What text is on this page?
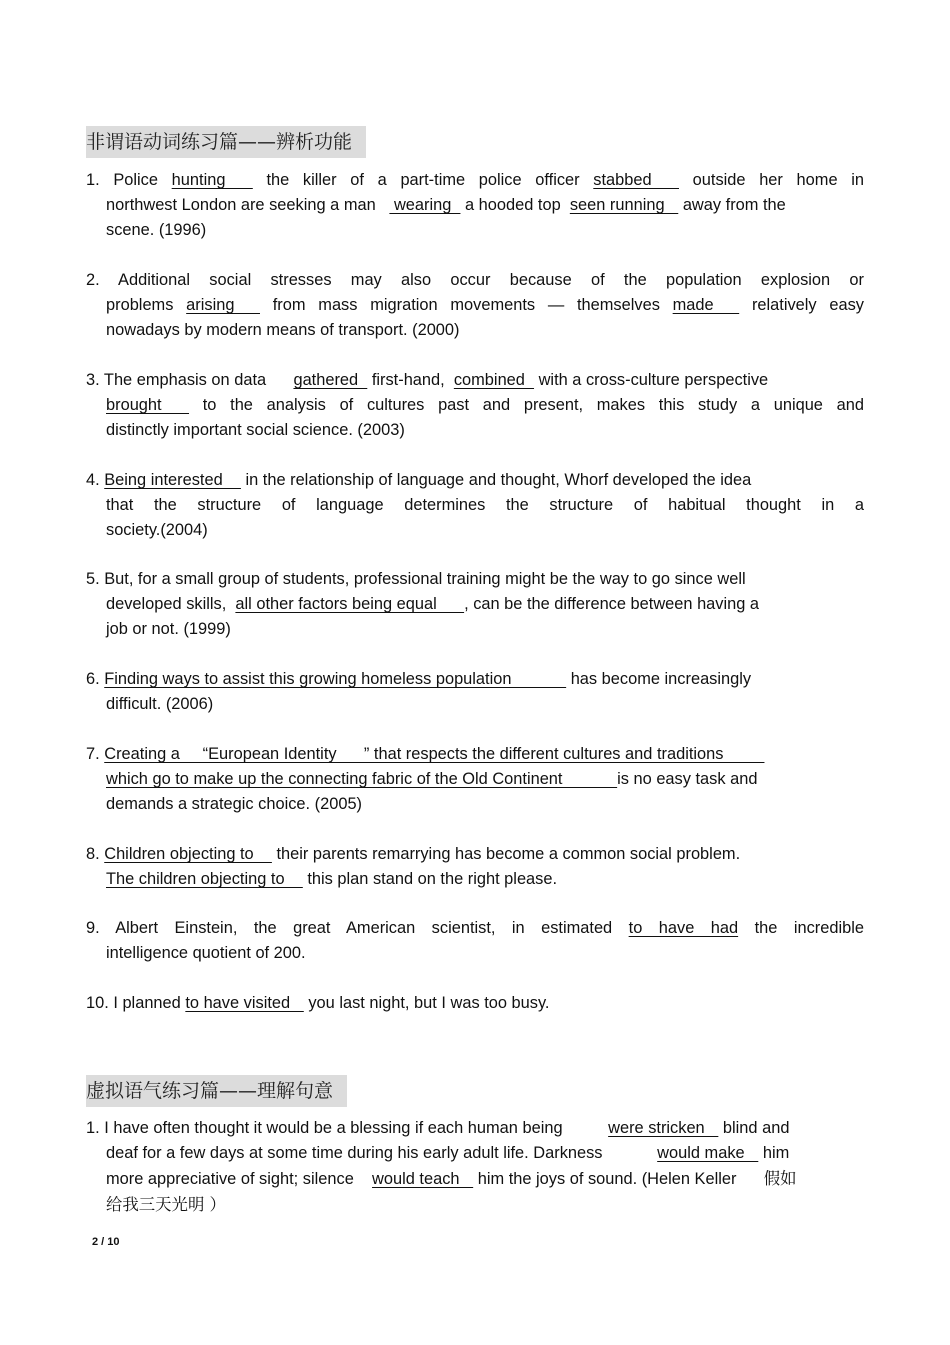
非谓语动词练习篇——辨析功能
1. Police hunting   the killer of a part-time police officer stabbed   outside her home in
northwest London are seeking a man    wearing   a hooded top  seen running    away from the
scene. (1996)
2. Additional social stresses may also occur because of the population explosion or
problems arising   from mass migration movements — themselves made   relatively easy
nowadays by modern means of transport. (2000)
3. The emphasis on data gathered   first-hand,  combined   with a cross-culture perspective
brought   to the analysis of cultures past and present, makes this study a unique and
distinctly important social science. (2003)
4. Being interested     in the relationship of language and thought, Whorf developed the idea
that the structure of language determines the structure of habitual thought in a
society.(2004)
5. But, for a small group of students, professional training might be the way to go since well
developed skills,  all other factors being equal      , can be the difference between having a
job or not. (1999)
6. Finding ways to assist this growing homeless population             has become increasingly
difficult. (2006)
7. Creating a     “European Identity      ” that respects the different cultures and traditions
which go to make up the connecting fabric of the Old Continent            is no easy task and
demands a strategic choice. (2005)
8. Children objecting to     their parents remarrying has become a common social problem.
The children objecting to     this plan stand on the right please.
9. Albert Einstein, the great American scientist, in estimated to have had the incredible
intelligence quotient of 200.
10. I planned to have visited    you last night, but I was too busy.
虚拟语气练习篇——理解句意
1. I have often thought it would be a blessing if each human being	were stricken    blind and
deaf for a few days at some time during his early adult life. Darkness	would make    him
more appreciative of sight; silence would teach    him the joys of sound. (Helen Keller 假如
给我三天光明 ）
2 / 10
